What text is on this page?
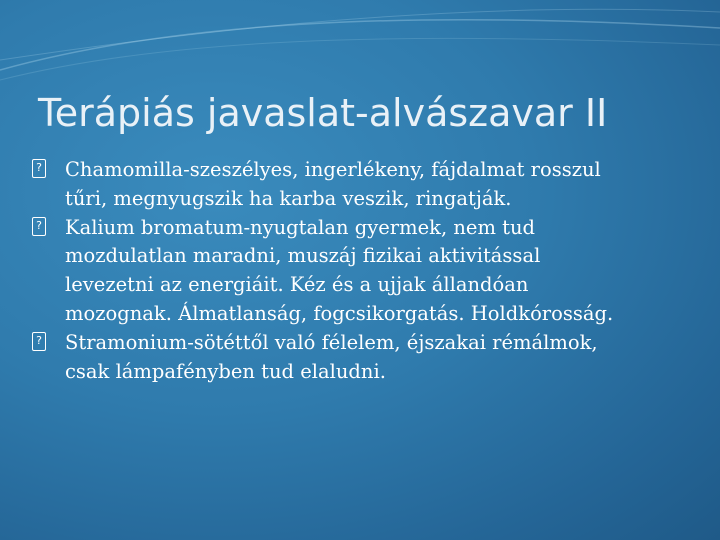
Terápiás javaslat-alvászavar II
? Chamomilla-szeszélyes, ingerlékeny, fájdalmat rosszul
tűri, megnyugszik ha karba veszik, ringatják.
? Kalium bromatum-nyugtalan gyermek, nem tud
mozdulatlan maradni, muszáj fizikai aktivitással
levezetni az energiáit. Kéz és a ujjak állandóan
mozognak. Álmatlanság, fogcsikorgatás. Holdkórosság.
? Stramonium-sötéttől való félelem, éjszakai rémálmok,
csak lámpafényben tud elaludni.
